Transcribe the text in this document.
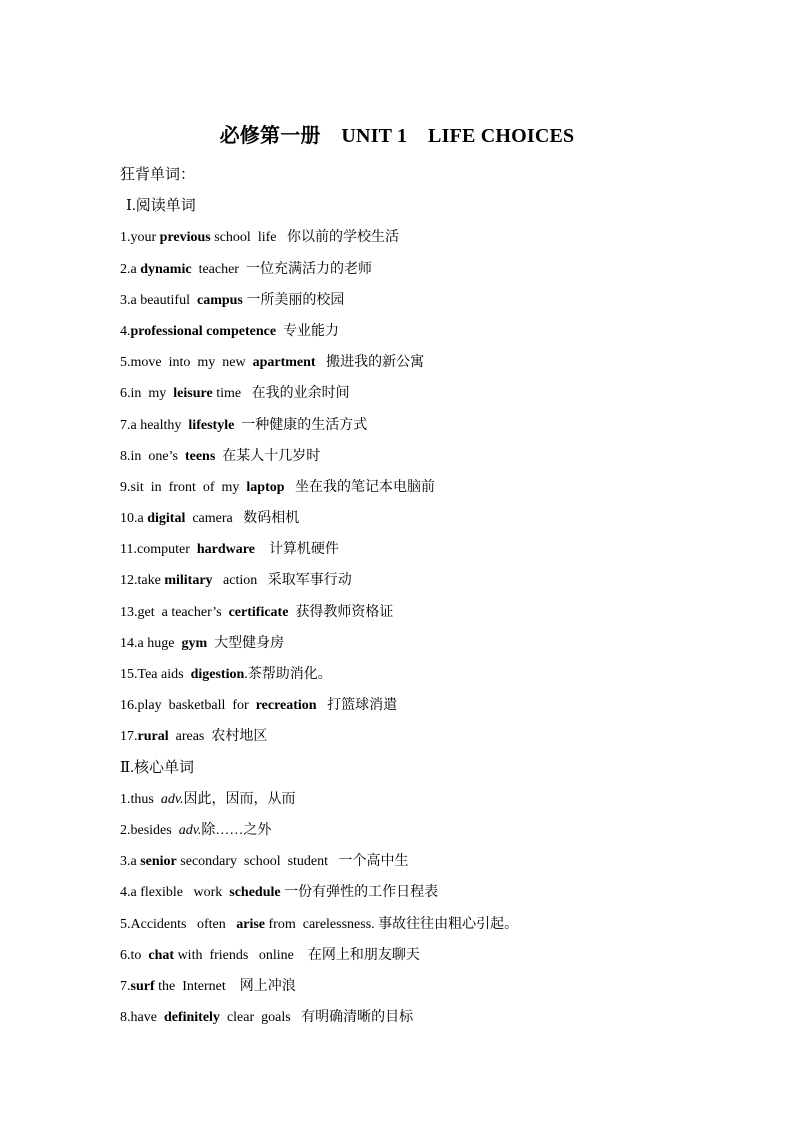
必修第一册    UNIT 1    LIFE CHOICES
狂背单词：
Ⅰ.阅读单词
1.your previous school  life   你以前的学校生活
2.a dynamic  teacher  一位充满活力的老师
3.a beautiful  campus 一所美丽的校园
4.professional competence  专业能力
5.move  into  my  new  apartment   搬进我的新公寓
6.in  my  leisure time   在我的业余时间
7.a healthy  lifestyle  一种健康的生活方式
8.in  one’s  teens  在某人十几岁时
9.sit  in  front  of  my  laptop   坐在我的笔记本电脑前
10.a digital  camera   数码相机
11.computer  hardware    计算机硬件
12.take military   action   采取军事行动
13.get  a teacher’s  certificate  获得教师资格证
14.a huge  gym  大型健身房
15.Tea aids  digestion.茶帮助消化。
16.play  basketball  for  recreation   打篮球消遣
17.rural  areas  农村地区
Ⅱ.核心单词
1.thus  adv.因此，因而，从而
2.besides  adv.除……之外
3.a senior secondary  school  student   一个高中生
4.a flexible   work  schedule 一份有弹性的工作日程表
5.Accidents   often   arise from  carelessness. 事故往往由粗心引起。
6.to  chat with  friends   online    在网上和朋友聊天
7.surf the  Internet    网上冲浪
8.have  definitely  clear  goals   有明确清晰的目标
